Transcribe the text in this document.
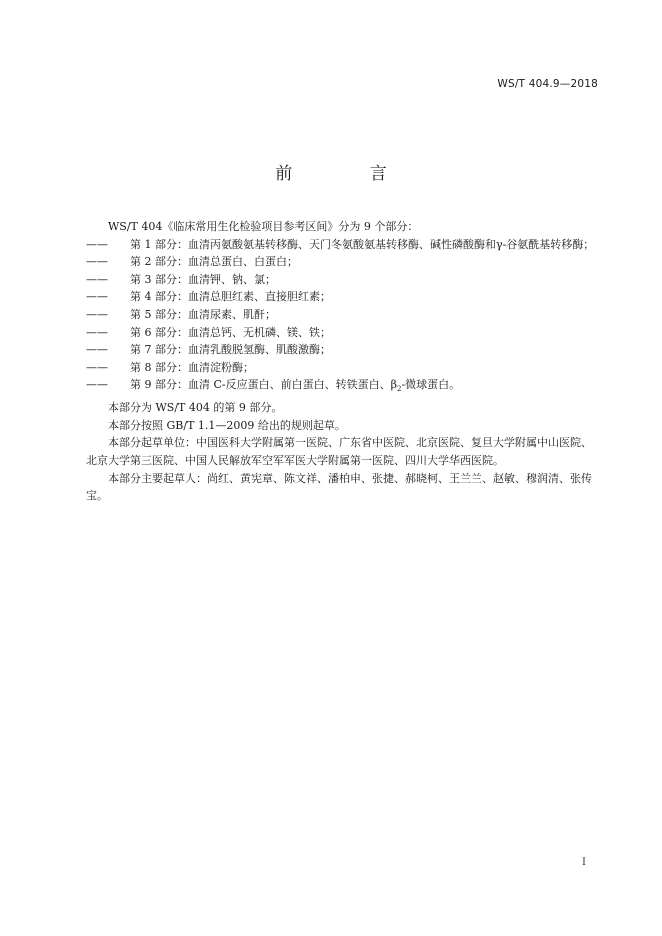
WS/T 404.9—2018
前 言

WS/T 404《临床常用生化检验项目参考区间》分为 9 个部分：

——	第 1 部分：血清丙氨酸氨基转移酶、天门冬氨酸氨基转移酶、碱性磷酸酶和γ-谷氨酰基转移酶；
——	第 2 部分：血清总蛋白、白蛋白；
——	第 3 部分：血清钾、钠、氯；
——	第 4 部分：血清总胆红素、直接胆红素；
——	第 5 部分：血清尿素、肌酐；
——	第 6 部分：血清总钙、无机磷、镁、铁；
——	第 7 部分：血清乳酸脱氢酶、肌酸激酶；
——	第 8 部分：血清淀粉酶；
——	第 9 部分：血清 C-反应蛋白、前白蛋白、转铁蛋白、$\beta_2-$微球蛋白。

本部分为 WS/T 404 的第 9 部分。

本部分按照 GB/T 1.1—2009 给出的规则起草。

本部分起草单位：中国医科大学附属第一医院、广东省中医院、北京医院、复旦大学附属中山医院、北京大学第三医院、中国人民解放军空军军医大学附属第一医院、四川大学华西医院。

本部分主要起草人：尚红、黄宪章、陈文祥、潘柏申、张捷、郝晓柯、王兰兰、赵敏、穆润清、张传宝。

I
